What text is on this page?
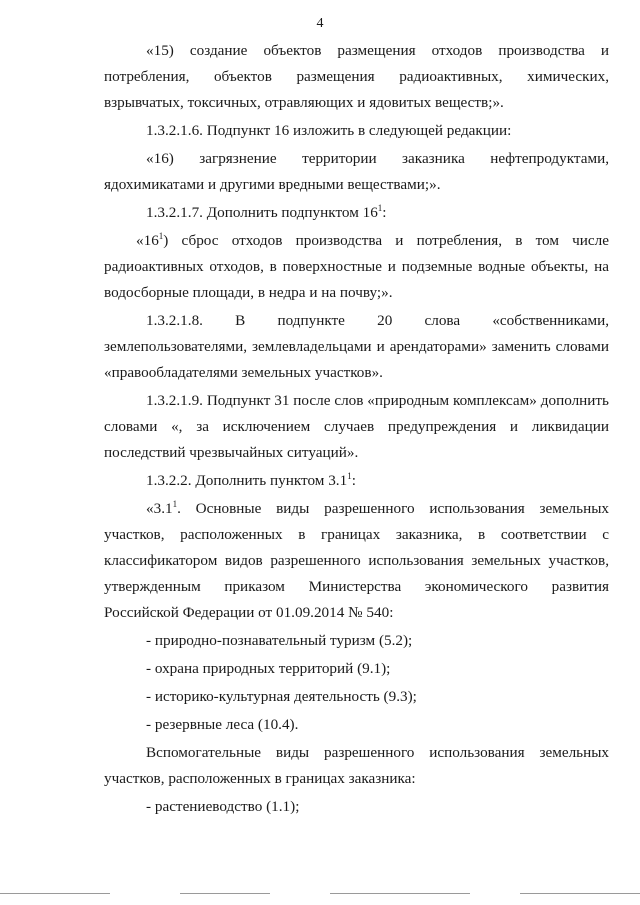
4
«15) создание объектов размещения отходов производства и
потребления, объектов размещения радиоактивных, химических,
взрывчатых, токсичных, отравляющих и ядовитых веществ;».
1.3.2.1.6. Подпункт 16 изложить в следующей редакции:
«16) загрязнение территории заказника нефтепродуктами,
ядохимикатами и другими вредными веществами;».
1.3.2.1.7. Дополнить подпунктом $16^1$:
«$16^1$) сброс отходов производства и потребления, в том числе
радиоактивных отходов, в поверхностные и подземные водные объекты, на
водосборные площади, в недра и на почву;».
1.3.2.1.8. В подпункте 20 слова «собственниками,
землепользователями, землевладельцами и арендаторами» заменить словами
«правообладателями земельных участков».
1.3.2.1.9. Подпункт 31 после слов «природным комплексам» дополнить
словами «, за исключением случаев предупреждения и ликвидации
последствий чрезвычайных ситуаций».
1.3.2.2. Дополнить пунктом $3.1^1$:
«$3.1^1$. Основные виды разрешенного использования земельных
участков, расположенных в границах заказника, в соответствии с
классификатором видов разрешенного использования земельных участков,
утвержденным приказом Министерства экономического развития
Российской Федерации от 01.09.2014 № 540:
- природно-познавательный туризм (5.2);
- охрана природных территорий (9.1);
- историко-культурная деятельность (9.3);
- резервные леса (10.4).
Вспомогательные виды разрешенного использования земельных
участков, расположенных в границах заказника:
- растениеводство (1.1);
